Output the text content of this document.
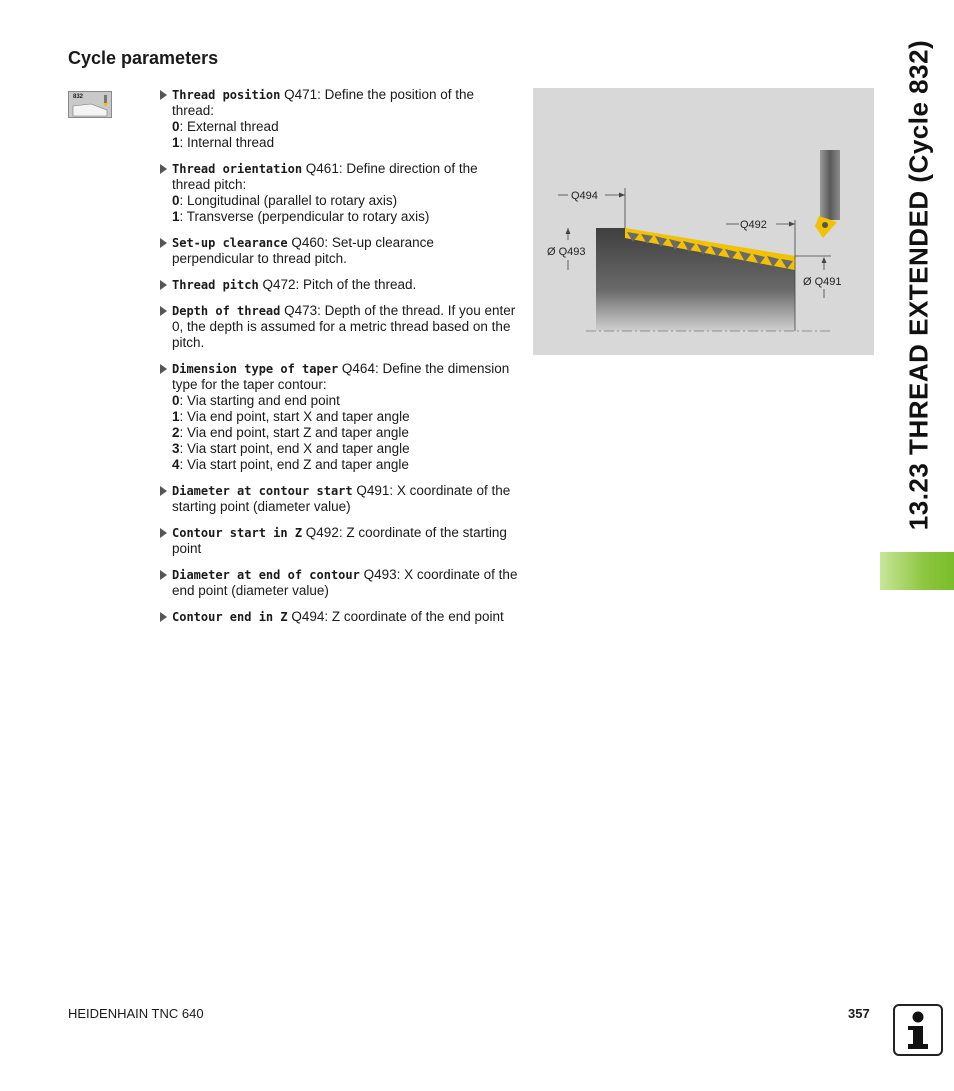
Cycle parameters
832	Thread position Q471: Define the position of the thread:
0: External thread
1: Internal thread
Thread orientation Q461: Define direction of the thread pitch:
0: Longitudinal (parallel to rotary axis)
1: Transverse (perpendicular to rotary axis)
Set-up clearance Q460: Set-up clearance perpendicular to thread pitch.
Thread pitch Q472: Pitch of the thread.
Depth of thread Q473: Depth of the thread. If you enter 0, the depth is assumed for a metric thread based on the pitch.
Dimension type of taper Q464: Define the dimension type for the taper contour:
0: Via starting and end point
1: Via end point, start X and taper angle
2: Via end point, start Z and taper angle
3: Via start point, end X and taper angle
4: Via start point, end Z and taper angle
Diameter at contour start Q491: X coordinate of the starting point (diameter value)
Contour start in Z Q492: Z coordinate of the starting point
Diameter at end of contour Q493: X coordinate of the end point (diameter value)
Contour end in Z Q494: Z coordinate of the end point
Q494
Q492
Ø Q493
Ø Q491 13.23 THREAD EXTENDED (Cycle 832)
HEIDENHAIN TNC 640	357
